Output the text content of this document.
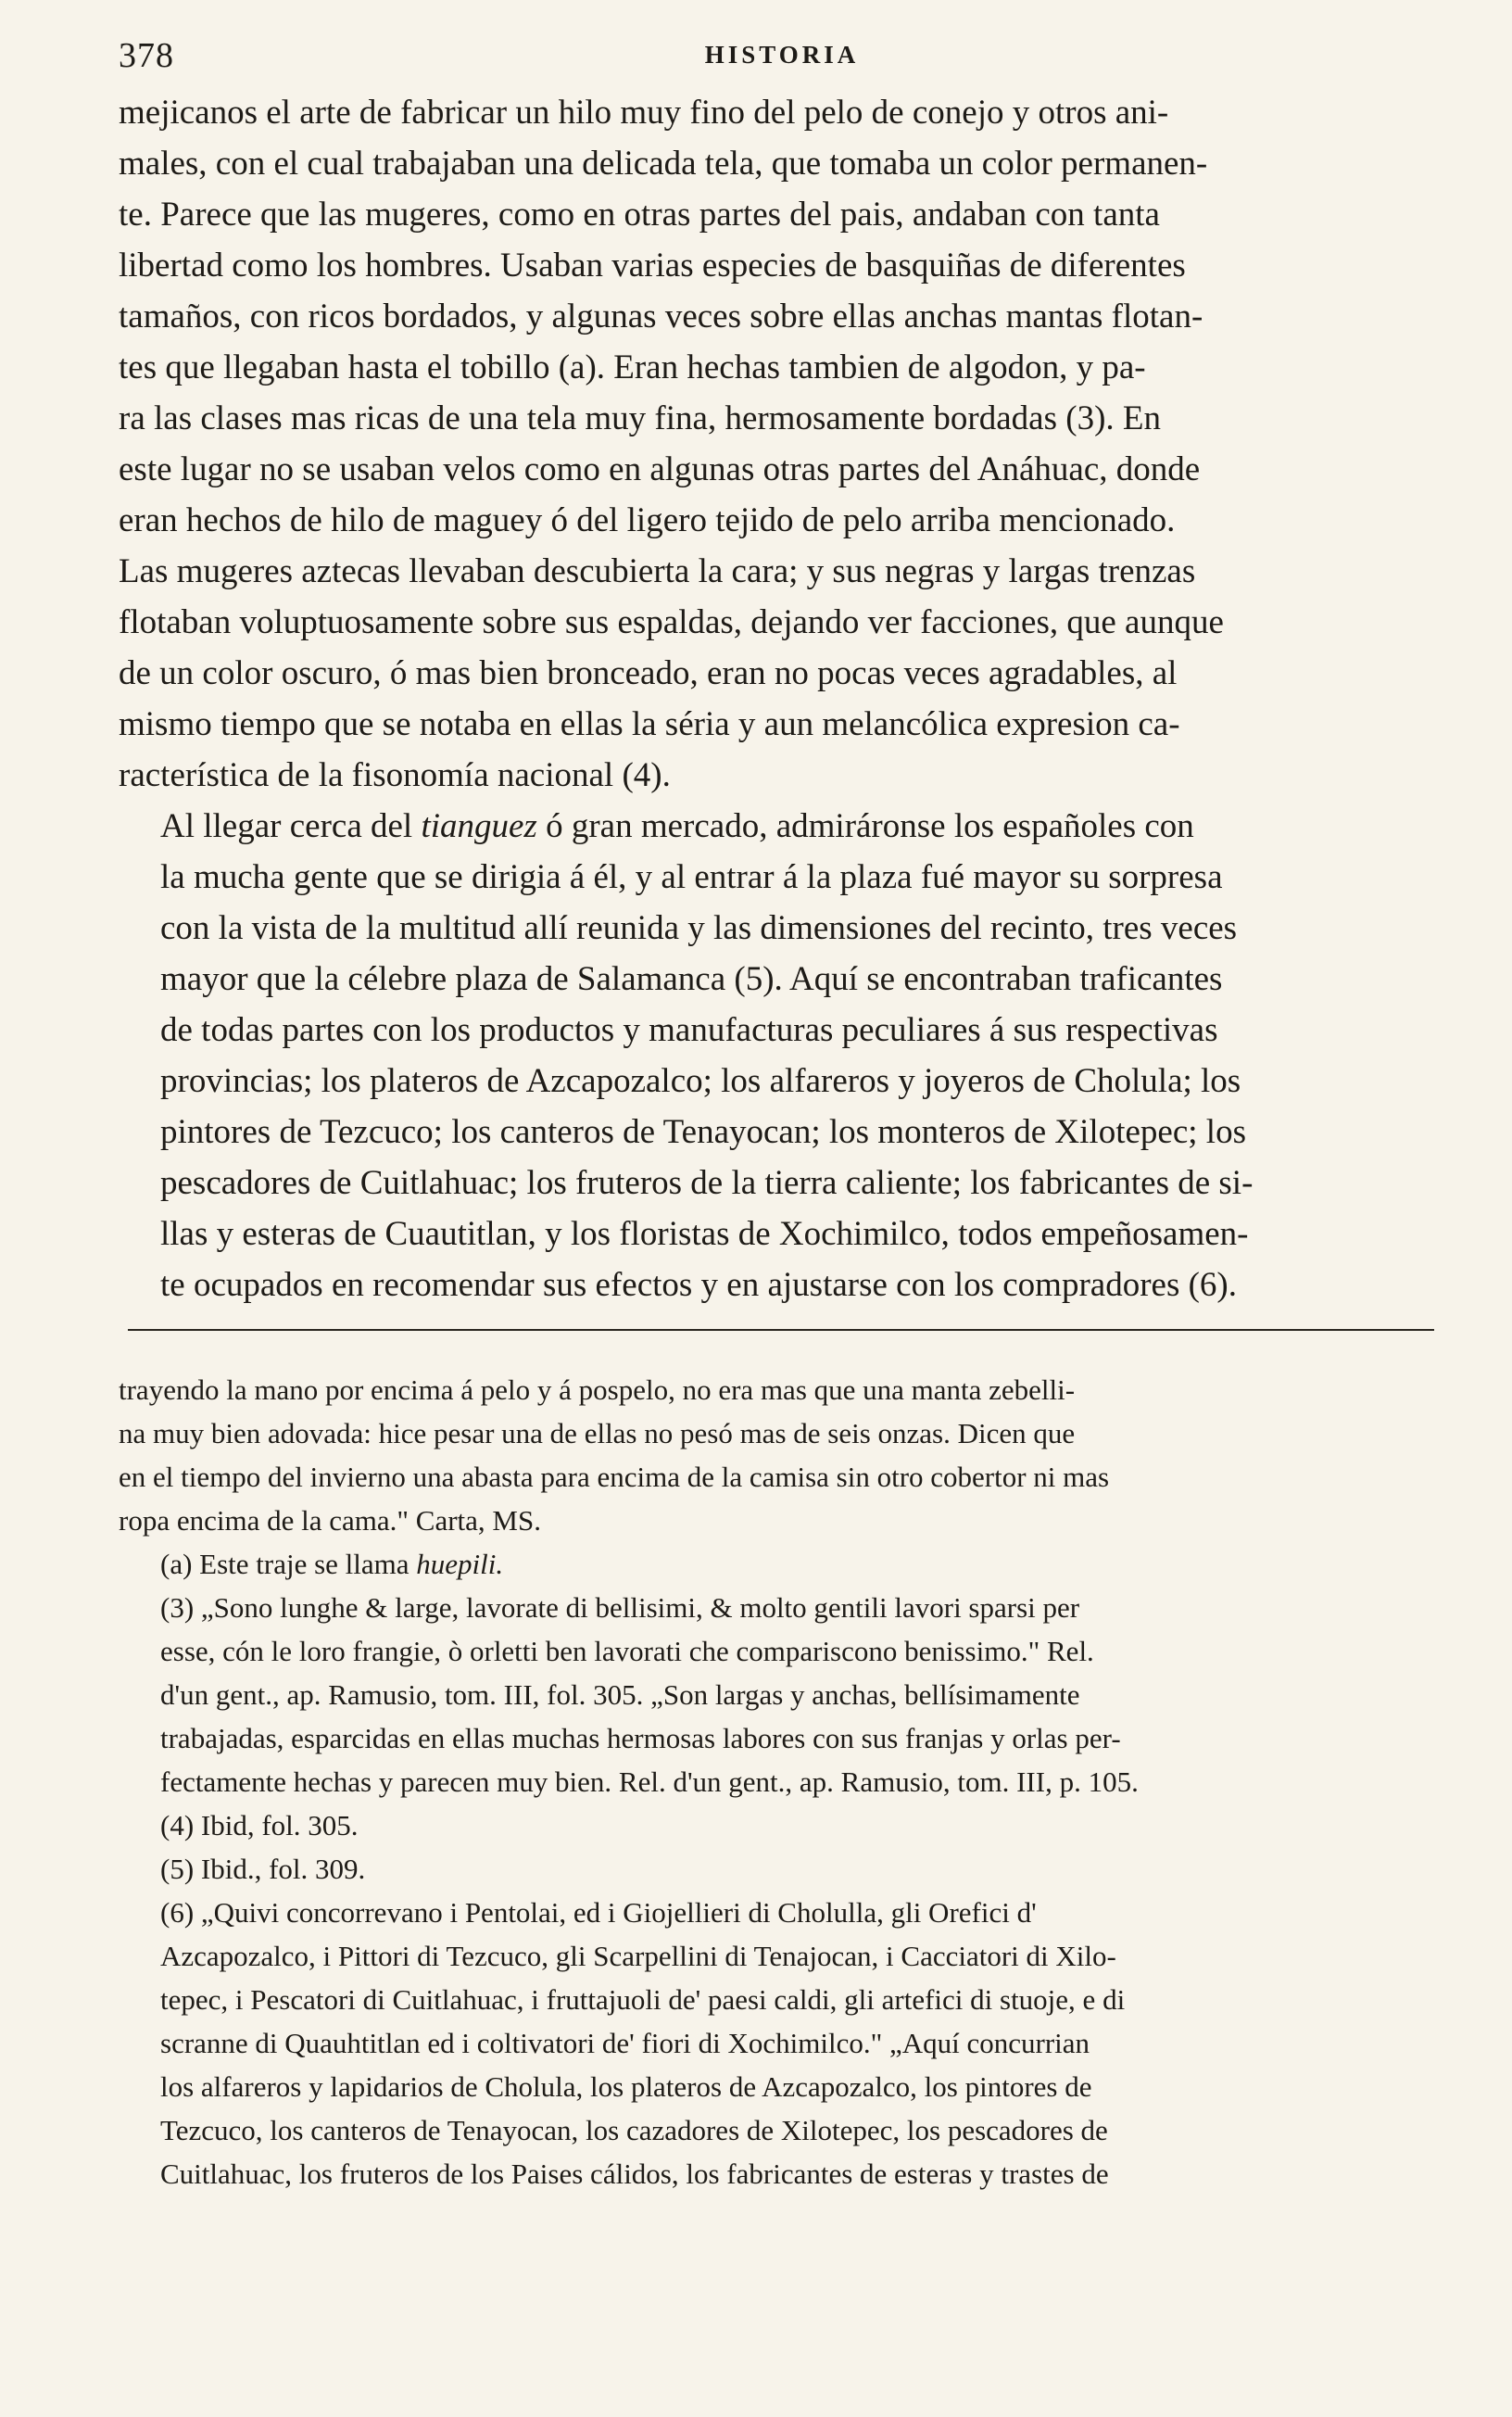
378	HISTORIA

mejicanos el arte de fabricar un hilo muy fino del pelo de conejo y otros ani-
males, con el cual trabajaban una delicada tela, que tomaba un color permanen-
te. Parece que las mugeres, como en otras partes del pais, andaban con tanta
libertad como los hombres. Usaban varias especies de basquiñas de diferentes
tamaños, con ricos bordados, y algunas veces sobre ellas anchas mantas flotan-
tes que llegaban hasta el tobillo (a). Eran hechas tambien de algodon, y pa-
ra las clases mas ricas de una tela muy fina, hermosamente bordadas (3). En
este lugar no se usaban velos como en algunas otras partes del Anáhuac, donde
eran hechos de hilo de maguey ó del ligero tejido de pelo arriba mencionado.
Las mugeres aztecas llevaban descubierta la cara; y sus negras y largas trenzas
flotaban voluptuosamente sobre sus espaldas, dejando ver facciones, que aunque
de un color oscuro, ó mas bien bronceado, eran no pocas veces agradables, al
mismo tiempo que se notaba en ellas la séria y aun melancólica expresion ca-
racterística de la fisonomía nacional (4).

Al llegar cerca del tianguez ó gran mercado, admiráronse los españoles con
la mucha gente que se dirigia á él, y al entrar á la plaza fué mayor su sorpresa
con la vista de la multitud allí reunida y las dimensiones del recinto, tres veces
mayor que la célebre plaza de Salamanca (5). Aquí se encontraban traficantes
de todas partes con los productos y manufacturas peculiares á sus respectivas
provincias; los plateros de Azcapozalco; los alfareros y joyeros de Cholula; los
pintores de Tezcuco; los canteros de Tenayocan; los monteros de Xilotepec; los
pescadores de Cuitlahuac; los fruteros de la tierra caliente; los fabricantes de si-
llas y esteras de Cuautitlan, y los floristas de Xochimilco, todos empeñosamen-
te ocupados en recomendar sus efectos y en ajustarse con los compradores (6).

trayendo la mano por encima á pelo y á pospelo, no era mas que una manta zebelli-
na muy bien adovada: hice pesar una de ellas no pesó mas de seis onzas. Dicen que
en el tiempo del invierno una abasta para encima de la camisa sin otro cobertor ni mas
ropa encima de la cama." Carta, MS.

(a) Este traje se llama huepili.

(3) „Sono lunghe & large, lavorate di bellisimi, & molto gentili lavori sparsi per
esse, cón le loro frangie, ò orletti ben lavorati che compariscono benissimo." Rel.
d'un gent., ap. Ramusio, tom. III, fol. 305. „Son largas y anchas, bellísimamente
trabajadas, esparcidas en ellas muchas hermosas labores con sus franjas y orlas per-
fectamente hechas y parecen muy bien. Rel. d'un gent., ap. Ramusio, tom. III, p. 105.

(4) Ibid, fol. 305.

(5) Ibid., fol. 309.

(6) „Quivi concorrevano i Pentolai, ed i Giojellieri di Cholulla, gli Orefici d'
Azcapozalco, i Pittori di Tezcuco, gli Scarpellini di Tenajocan, i Cacciatori di Xilo-
tepec, i Pescatori di Cuitlahuac, i fruttajuoli de' paesi caldi, gli artefici di stuoje, e di
scranne di Quauhtitlan ed i coltivatori de' fiori di Xochimilco." „Aquí concurrian
los alfareros y lapidarios de Cholula, los plateros de Azcapozalco, los pintores de
Tezcuco, los canteros de Tenayocan, los cazadores de Xilotepec, los pescadores de
Cuitlahuac, los fruteros de los Paises cálidos, los fabricantes de esteras y trastes de
